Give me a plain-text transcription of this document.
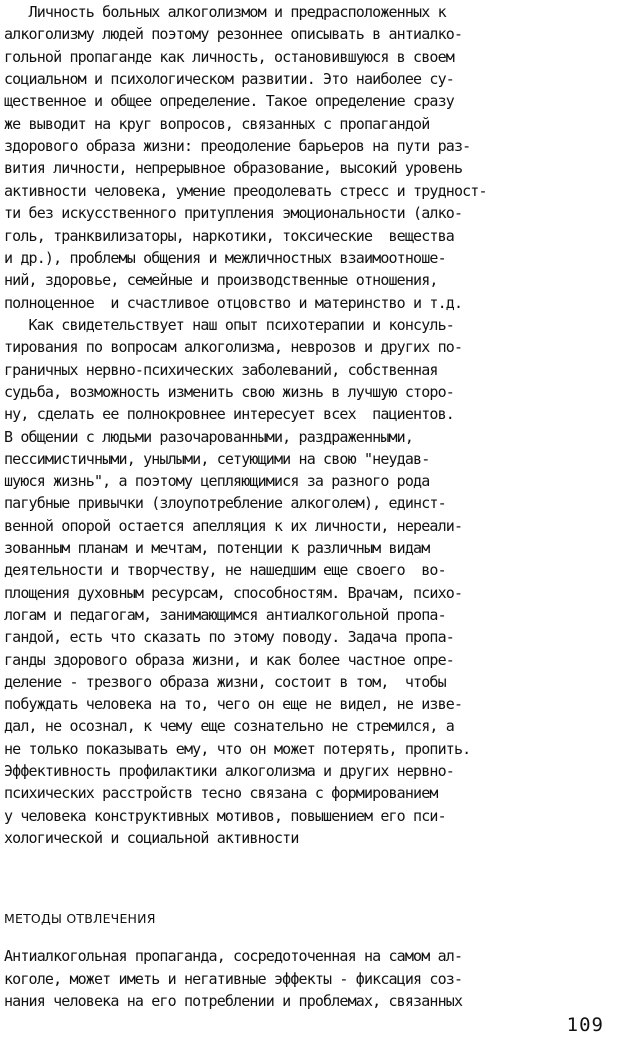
Личность больных алкоголизмом и предрасположенных к
алкоголизму людей поэтому резоннее описывать в антиалко-
гольной пропаганде как личность, остановившуюся в своем
социальном и психологическом развитии. Это наиболее су-
щественное и общее определение. Такое определение сразу
же выводит на круг вопросов, связанных с пропагандой
здорового образа жизни: преодоление барьеров на пути раз-
вития личности, непрерывное образование, высокий уровень
активности человека, умение преодолевать стресс и трудност-
ти без искусственного притупления эмоциональности (алко-
голь, транквилизаторы, наркотики, токсические  вещества
и др.), проблемы общения и межличностных взаимоотноше-
ний, здоровье, семейные и производственные отношения,
полноценное  и счастливое отцовство и материнство и т.д.
Как свидетельствует наш опыт психотерапии и консуль-
тирования по вопросам алкоголизма, неврозов и других по-
граничных нервно-психических заболеваний, собственная
судьба, возможность изменить свою жизнь в лучшую сторо-
ну, сделать ее полнокровнее интересует всех  пациентов.
В общении с людьми разочарованными, раздраженными,
пессимистичными, унылыми, сетующими на свою "неудав-
шуюся жизнь", а поэтому цепляющимися за разного рода
пагубные привычки (злоупотребление алкоголем), единст-
венной опорой остается апелляция к их личности, нереали-
зованным планам и мечтам, потенции к различным видам
деятельности и творчеству, не нашедшим еще своего  во-
площения духовным ресурсам, способностям. Врачам, психо-
логам и педагогам, занимающимся антиалкогольной пропа-
гандой, есть что сказать по этому поводу. Задача пропа-
ганды здорового образа жизни, и как более частное опре-
деление - трезвого образа жизни, состоит в том,  чтобы
побуждать человека на то, чего он еще не видел, не изве-
дал, не осознал, к чему еще сознательно не стремился, а
не только показывать ему, что он может потерять, пропить.
Эффективность профилактики алкоголизма и других нервно-
психических расстройств тесно связана с формированием
у человека конструктивных мотивов, повышением его пси-
хологической и социальной активности
МЕТОДЫ ОТВЛЕЧЕНИЯ
Антиалкогольная пропаганда, сосредоточенная на самом ал-
коголе, может иметь и негативные эффекты - фиксация соз-
нания человека на его потреблении и проблемах, связанных
109
